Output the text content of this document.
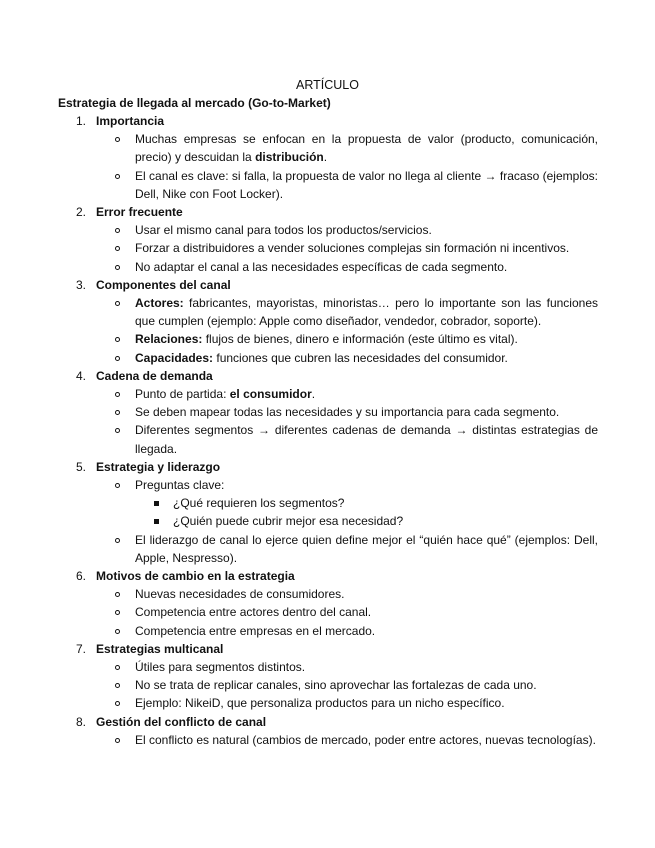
ARTÍCULO
Estrategia de llegada al mercado (Go-to-Market)
1. Importancia
Muchas empresas se enfocan en la propuesta de valor (producto, comunicación, precio) y descuidan la distribución.
El canal es clave: si falla, la propuesta de valor no llega al cliente → fracaso (ejemplos: Dell, Nike con Foot Locker).
2. Error frecuente
Usar el mismo canal para todos los productos/servicios.
Forzar a distribuidores a vender soluciones complejas sin formación ni incentivos.
No adaptar el canal a las necesidades específicas de cada segmento.
3. Componentes del canal
Actores: fabricantes, mayoristas, minoristas… pero lo importante son las funciones que cumplen (ejemplo: Apple como diseñador, vendedor, cobrador, soporte).
Relaciones: flujos de bienes, dinero e información (este último es vital).
Capacidades: funciones que cubren las necesidades del consumidor.
4. Cadena de demanda
Punto de partida: el consumidor.
Se deben mapear todas las necesidades y su importancia para cada segmento.
Diferentes segmentos → diferentes cadenas de demanda → distintas estrategias de llegada.
5. Estrategia y liderazgo
Preguntas clave:
¿Qué requieren los segmentos?
¿Quién puede cubrir mejor esa necesidad?
El liderazgo de canal lo ejerce quien define mejor el “quién hace qué” (ejemplos: Dell, Apple, Nespresso).
6. Motivos de cambio en la estrategia
Nuevas necesidades de consumidores.
Competencia entre actores dentro del canal.
Competencia entre empresas en el mercado.
7. Estrategias multicanal
Útiles para segmentos distintos.
No se trata de replicar canales, sino aprovechar las fortalezas de cada uno.
Ejemplo: NikeiD, que personaliza productos para un nicho específico.
8. Gestión del conflicto de canal
El conflicto es natural (cambios de mercado, poder entre actores, nuevas tecnologías).
